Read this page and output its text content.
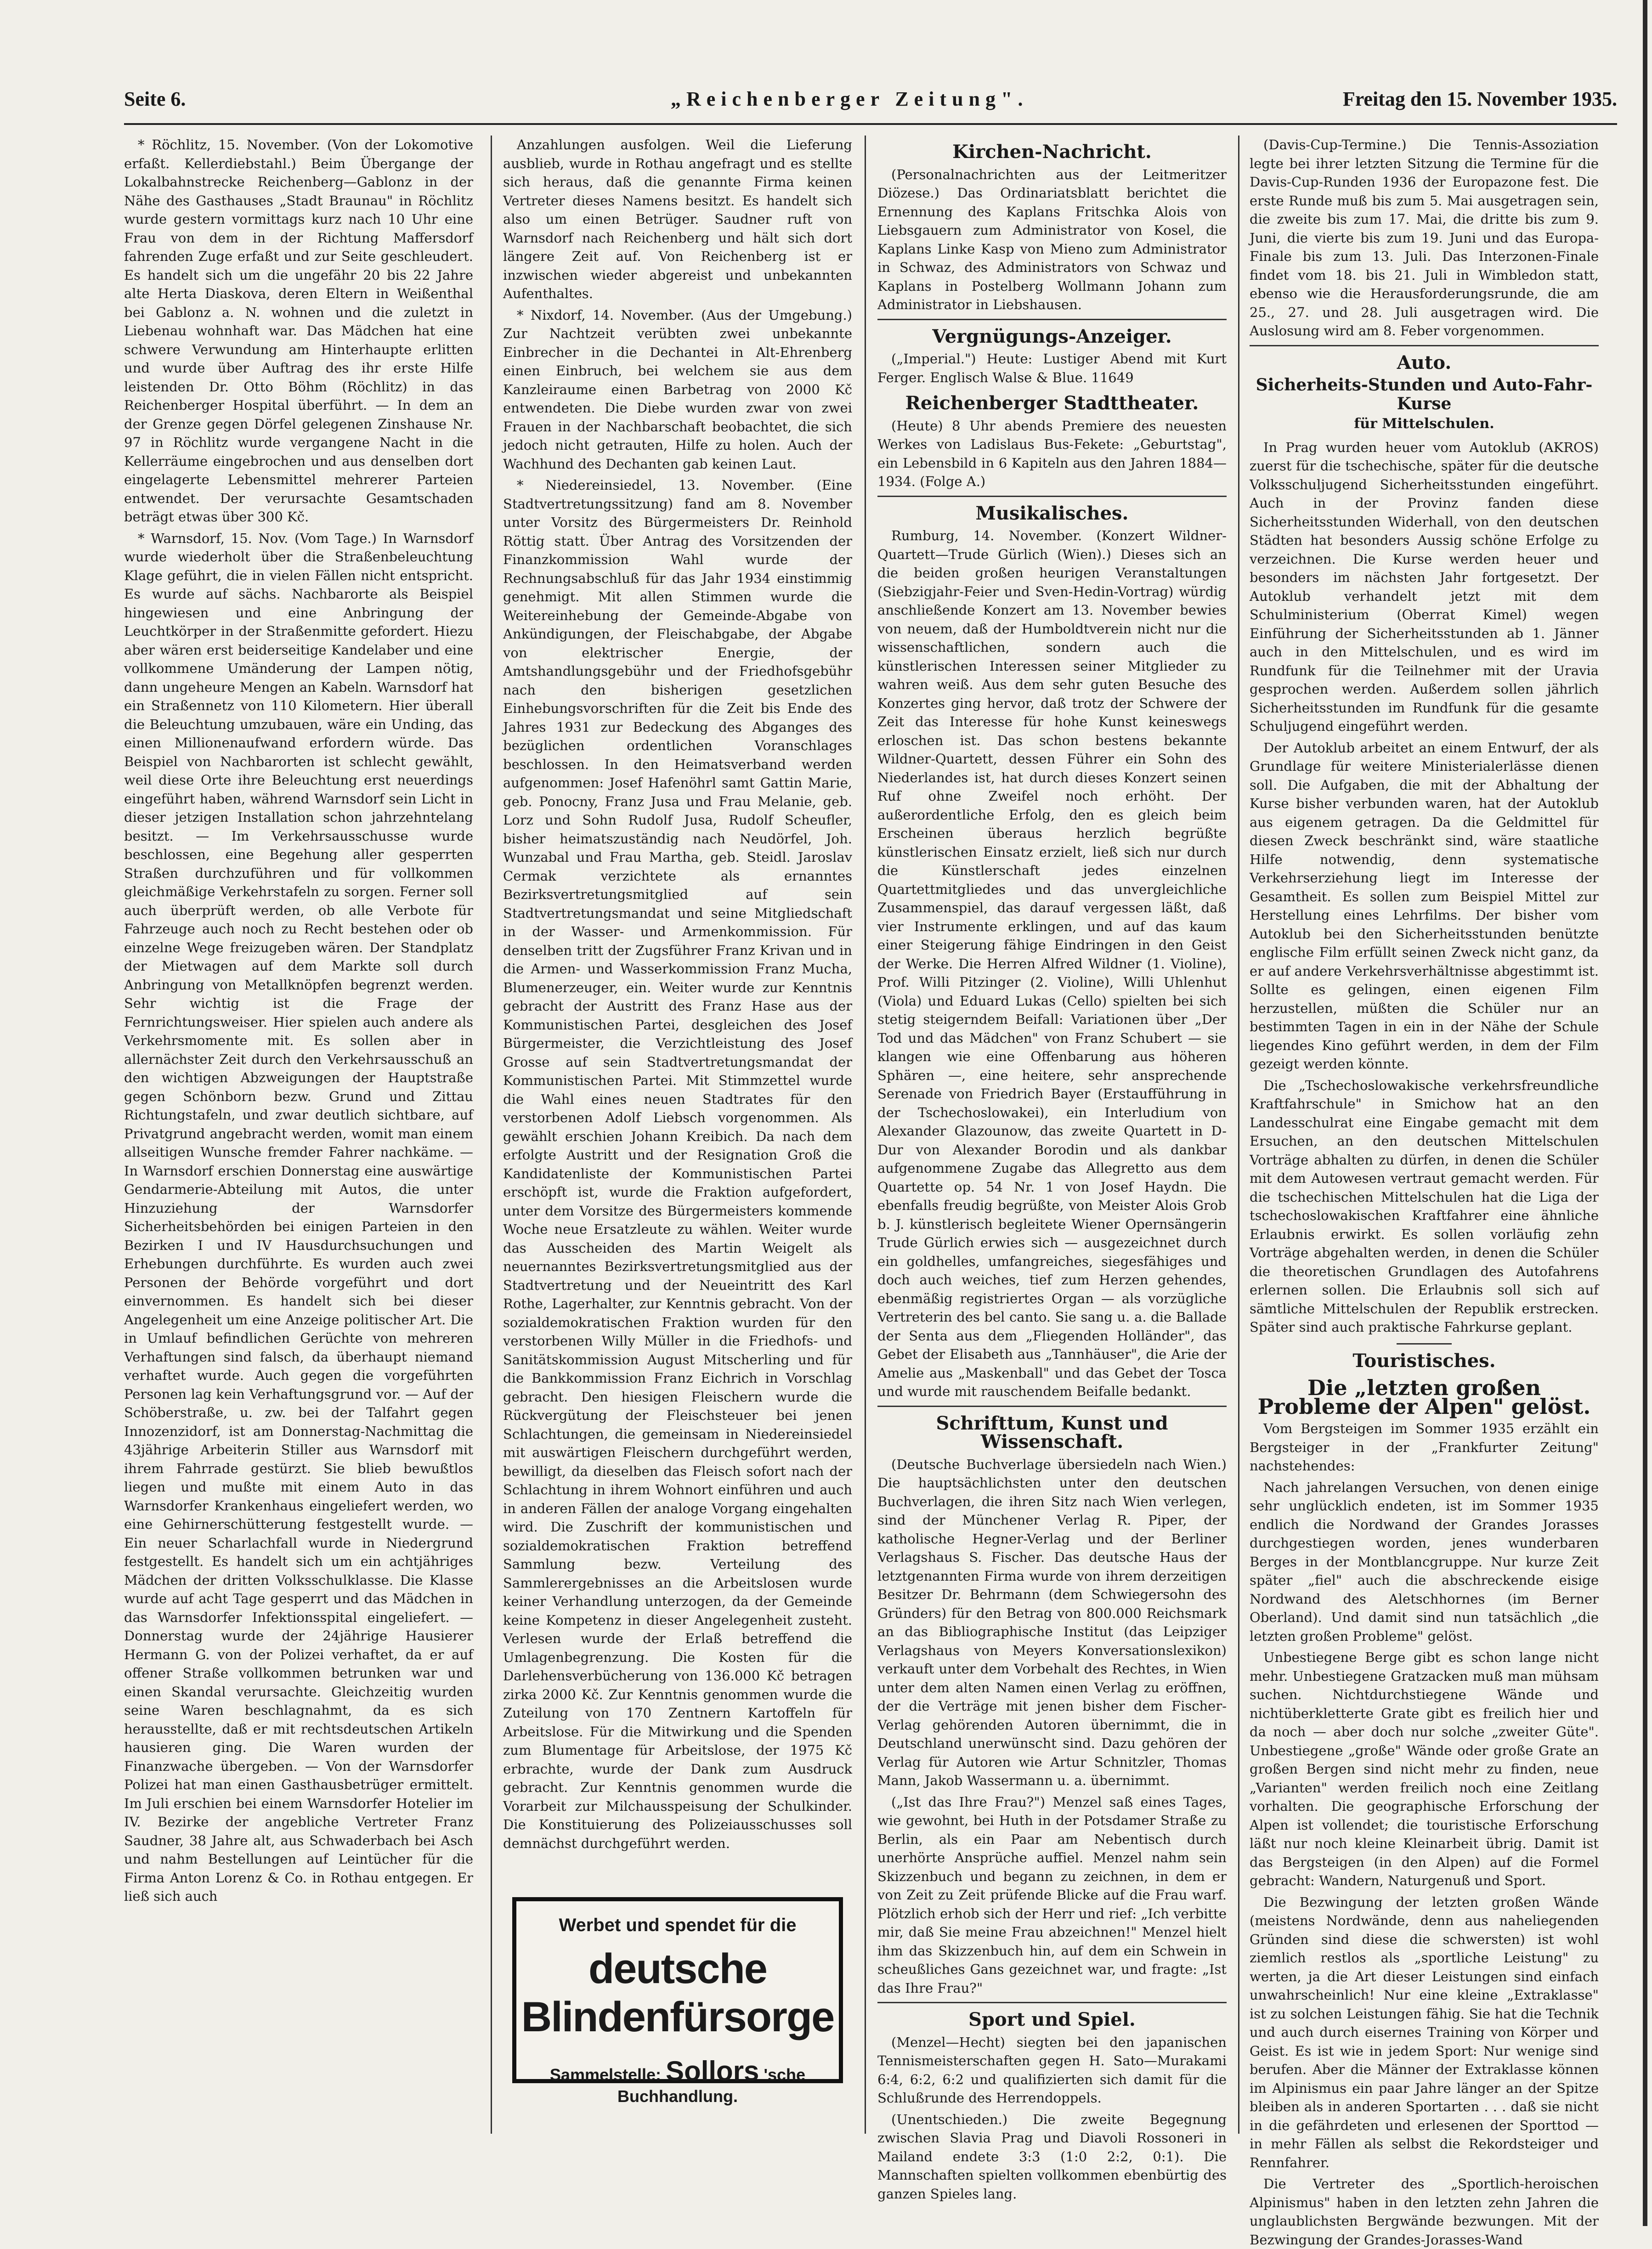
Seite 6.	„Reichenberger Zeitung".	Freitag den 15. November 1935.

* Röchlitz, 15. November. (Von der Lokomotive erfaßt. Kellerdiebstahl.) Beim Übergange der Lokalbahnstrecke Reichenberg—Gablonz in der Nähe des Gasthauses „Stadt Braunau" in Röchlitz wurde gestern vormittags kurz nach 10 Uhr eine Frau von dem in der Richtung Maffersdorf fahrenden Zuge erfaßt und zur Seite geschleudert. Es handelt sich um die ungefähr 20 bis 22 Jahre alte Herta Diaskova, deren Eltern in Weißenthal bei Gablonz a. N. wohnen und die zuletzt in Liebenau wohnhaft war. Das Mädchen hat eine schwere Verwundung am Hinterhaupte erlitten und wurde über Auftrag des ihr erste Hilfe leistenden Dr. Otto Böhm (Röchlitz) in das Reichenberger Hospital überführt. — In dem an der Grenze gegen Dörfel gelegenen Zinshause Nr. 97 in Röchlitz wurde vergangene Nacht in die Kellerräume eingebrochen und aus denselben dort eingelagerte Lebensmittel mehrerer Parteien entwendet. Der verursachte Gesamtschaden beträgt etwas über 300 Kč.

* Warnsdorf, 15. Nov. (Vom Tage.) In Warnsdorf wurde wiederholt über die Straßenbeleuchtung Klage geführt, die in vielen Fällen nicht entspricht. Es wurde auf sächs. Nachbarorte als Beispiel hingewiesen und eine Anbringung der Leuchtkörper in der Straßenmitte gefordert. Hiezu aber wären erst beiderseitige Kandelaber und eine vollkommene Umänderung der Lampen nötig, dann ungeheure Mengen an Kabeln. Warnsdorf hat ein Straßennetz von 110 Kilometern. Hier überall die Beleuchtung umzubauen, wäre ein Unding, das einen Millionenaufwand erfordern würde. Das Beispiel von Nachbarorten ist schlecht gewählt, weil diese Orte ihre Beleuchtung erst neuerdings eingeführt haben, während Warnsdorf sein Licht in dieser jetzigen Installation schon jahrzehntelang besitzt. — Im Verkehrsausschusse wurde beschlossen, eine Begehung aller gesperrten Straßen durchzuführen und für vollkommen gleichmäßige Verkehrstafeln zu sorgen. Ferner soll auch überprüft werden, ob alle Verbote für Fahrzeuge auch noch zu Recht bestehen oder ob einzelne Wege freizugeben wären. Der Standplatz der Mietwagen auf dem Markte soll durch Anbringung von Metallknöpfen begrenzt werden. Sehr wichtig ist die Frage der Fernrichtungsweiser. Hier spielen auch andere als Verkehrsmomente mit. Es sollen aber in allernächster Zeit durch den Verkehrsausschuß an den wichtigen Abzweigungen der Hauptstraße gegen Schönborn bezw. Grund und Zittau Richtungstafeln, und zwar deutlich sichtbare, auf Privatgrund angebracht werden, womit man einem allseitigen Wunsche fremder Fahrer nachkäme. — In Warnsdorf erschien Donnerstag eine auswärtige Gendarmerie-Abteilung mit Autos, die unter Hinzuziehung der Warnsdorfer Sicherheitsbehörden bei einigen Parteien in den Bezirken I und IV Hausdurchsuchungen und Erhebungen durchführte. Es wurden auch zwei Personen der Behörde vorgeführt und dort einvernommen. Es handelt sich bei dieser Angelegenheit um eine Anzeige politischer Art. Die in Umlauf befindlichen Gerüchte von mehreren Verhaftungen sind falsch, da überhaupt niemand verhaftet wurde. Auch gegen die vorgeführten Personen lag kein Verhaftungsgrund vor. — Auf der Schöberstraße, u. zw. bei der Talfahrt gegen Innozenzidorf, ist am Donnerstag-Nachmittag die 43jährige Arbeiterin Stiller aus Warnsdorf mit ihrem Fahrrade gestürzt. Sie blieb bewußtlos liegen und mußte mit einem Auto in das Warnsdorfer Krankenhaus eingeliefert werden, wo eine Gehirnerschütterung festgestellt wurde. — Ein neuer Scharlachfall wurde in Niedergrund festgestellt. Es handelt sich um ein achtjähriges Mädchen der dritten Volksschulklasse. Die Klasse wurde auf acht Tage gesperrt und das Mädchen in das Warnsdorfer Infektionsspital eingeliefert. — Donnerstag wurde der 24jährige Hausierer Hermann G. von der Polizei verhaftet, da er auf offener Straße vollkommen betrunken war und einen Skandal verursachte. Gleichzeitig wurden seine Waren beschlagnahmt, da es sich herausstellte, daß er mit rechtsdeutschen Artikeln hausieren ging. Die Waren wurden der Finanzwache übergeben. — Von der Warnsdorfer Polizei hat man einen Gasthausbetrüger ermittelt. Im Juli erschien bei einem Warnsdorfer Hotelier im IV. Bezirke der angebliche Vertreter Franz Saudner, 38 Jahre alt, aus Schwaderbach bei Asch und nahm Bestellungen auf Leintücher für die Firma Anton Lorenz & Co. in Rothau entgegen. Er ließ sich auch

Anzahlungen ausfolgen. Weil die Lieferung ausblieb, wurde in Rothau angefragt und es stellte sich heraus, daß die genannte Firma keinen Vertreter dieses Namens besitzt. Es handelt sich also um einen Betrüger. Saudner ruft von Warnsdorf nach Reichenberg und hält sich dort längere Zeit auf. Von Reichenberg ist er inzwischen wieder abgereist und unbekannten Aufenthaltes.

* Nixdorf, 14. November. (Aus der Umgebung.) Zur Nachtzeit verübten zwei unbekannte Einbrecher in die Dechantei in Alt-Ehrenberg einen Einbruch, bei welchem sie aus dem Kanzleiraume einen Barbetrag von 2000 Kč entwendeten. Die Diebe wurden zwar von zwei Frauen in der Nachbarschaft beobachtet, die sich jedoch nicht getrauten, Hilfe zu holen. Auch der Wachhund des Dechanten gab keinen Laut.

* Niedereinsiedel, 13. November. (Eine Stadtvertretungssitzung) fand am 8. November unter Vorsitz des Bürgermeisters Dr. Reinhold Röttig statt. Über Antrag des Vorsitzenden der Finanzkommission Wahl wurde der Rechnungsabschluß für das Jahr 1934 einstimmig genehmigt. Mit allen Stimmen wurde die Weitereinhebung der Gemeinde-Abgabe von Ankündigungen, der Fleischabgabe, der Abgabe von elektrischer Energie, der Amtshandlungsgebühr und der Friedhofsgebühr nach den bisherigen gesetzlichen Einhebungsvorschriften für die Zeit bis Ende des Jahres 1931 zur Bedeckung des Abganges des bezüglichen ordentlichen Voranschlages beschlossen. In den Heimatsverband werden aufgenommen: Josef Hafenöhrl samt Gattin Marie, geb. Ponocny, Franz Jusa und Frau Melanie, geb. Lorz und Sohn Rudolf Jusa, Rudolf Scheufler, bisher heimatszuständig nach Neudörfel, Joh. Wunzabal und Frau Martha, geb. Steidl. Jaroslav Cermak verzichtete als ernanntes Bezirksvertretungsmitglied auf sein Stadtvertretungsmandat und seine Mitgliedschaft in der Wasser- und Armenkommission. Für denselben tritt der Zugsführer Franz Krivan und in die Armen- und Wasserkommission Franz Mucha, Blumenerzeuger, ein. Weiter wurde zur Kenntnis gebracht der Austritt des Franz Hase aus der Kommunistischen Partei, desgleichen des Josef Bürgermeister, die Verzichtleistung des Josef Grosse auf sein Stadtvertretungsmandat der Kommunistischen Partei. Mit Stimmzettel wurde die Wahl eines neuen Stadtrates für den verstorbenen Adolf Liebsch vorgenommen. Als gewählt erschien Johann Kreibich. Da nach dem erfolgte Austritt und der Resignation Groß die Kandidatenliste der Kommunistischen Partei erschöpft ist, wurde die Fraktion aufgefordert, unter dem Vorsitze des Bürgermeisters kommende Woche neue Ersatzleute zu wählen. Weiter wurde das Ausscheiden des Martin Weigelt als neuernanntes Bezirksvertretungsmitglied aus der Stadtvertretung und der Neueintritt des Karl Rothe, Lagerhalter, zur Kenntnis gebracht. Von der sozialdemokratischen Fraktion wurden für den verstorbenen Willy Müller in die Friedhofs- und Sanitätskommission August Mitscherling und für die Bankkommission Franz Eichrich in Vorschlag gebracht. Den hiesigen Fleischern wurde die Rückvergütung der Fleischsteuer bei jenen Schlachtungen, die gemeinsam in Niedereinsiedel mit auswärtigen Fleischern durchgeführt werden, bewilligt, da dieselben das Fleisch sofort nach der Schlachtung in ihrem Wohnort einführen und auch in anderen Fällen der analoge Vorgang eingehalten wird. Die Zuschrift der kommunistischen und sozialdemokratischen Fraktion betreffend Sammlung bezw. Verteilung des Sammlerergebnisses an die Arbeitslosen wurde keiner Verhandlung unterzogen, da der Gemeinde keine Kompetenz in dieser Angelegenheit zusteht. Verlesen wurde der Erlaß betreffend die Umlagenbegrenzung. Die Kosten für die Darlehensverbücherung von 136.000 Kč betragen zirka 2000 Kč. Zur Kenntnis genommen wurde die Zuteilung von 170 Zentnern Kartoffeln für Arbeitslose. Für die Mitwirkung und die Spenden zum Blumentage für Arbeitslose, der 1975 Kč erbrachte, wurde der Dank zum Ausdruck gebracht. Zur Kenntnis genommen wurde die Vorarbeit zur Milchausspeisung der Schulkinder. Die Konstituierung des Polizeiausschusses soll demnächst durchgeführt werden.

Werbet und spendet für die
deutsche Blindenfürsorge
Sammelstelle: Sollors 'sche Buchhandlung.
Kirchen-Nachricht.

(Personalnachrichten aus der Leitmeritzer Diözese.) Das Ordinariatsblatt berichtet die Ernennung des Kaplans Fritschka Alois von Liebsgauern zum Administrator von Kosel, die Kaplans Linke Kasp von Mieno zum Administrator in Schwaz, des Administrators von Schwaz und Kaplans in Postelberg Wollmann Johann zum Administrator in Liebshausen.

Vergnügungs-Anzeiger.

(„Imperial.") Heute: Lustiger Abend mit Kurt Ferger. Englisch Walse & Blue. 11649

Reichenberger Stadttheater.

(Heute) 8 Uhr abends Premiere des neuesten Werkes von Ladislaus Bus-Fekete: „Geburtstag", ein Lebensbild in 6 Kapiteln aus den Jahren 1884—1934. (Folge A.)

Musikalisches.

Rumburg, 14. November. (Konzert Wildner-Quartett—Trude Gürlich (Wien).) Dieses sich an die beiden großen heurigen Veranstaltungen (Siebzigjahr-Feier und Sven-Hedin-Vortrag) würdig anschließende Konzert am 13. November bewies von neuem, daß der Humboldtverein nicht nur die wissenschaftlichen, sondern auch die künstlerischen Interessen seiner Mitglieder zu wahren weiß. Aus dem sehr guten Besuche des Konzertes ging hervor, daß trotz der Schwere der Zeit das Interesse für hohe Kunst keineswegs erloschen ist. Das schon bestens bekannte Wildner-Quartett, dessen Führer ein Sohn des Niederlandes ist, hat durch dieses Konzert seinen Ruf ohne Zweifel noch erhöht. Der außerordentliche Erfolg, den es gleich beim Erscheinen überaus herzlich begrüßte künstlerischen Einsatz erzielt, ließ sich nur durch die Künstlerschaft jedes einzelnen Quartettmitgliedes und das unvergleichliche Zusammenspiel, das darauf vergessen läßt, daß vier Instrumente erklingen, und auf das kaum einer Steigerung fähige Eindringen in den Geist der Werke. Die Herren Alfred Wildner (1. Violine), Prof. Willi Pitzinger (2. Violine), Willi Uhlenhut (Viola) und Eduard Lukas (Cello) spielten bei sich stetig steigerndem Beifall: Variationen über „Der Tod und das Mädchen" von Franz Schubert — sie klangen wie eine Offenbarung aus höheren Sphären —, eine heitere, sehr ansprechende Serenade von Friedrich Bayer (Erstaufführung in der Tschechoslowakei), ein Interludium von Alexander Glazounow, das zweite Quartett in D-Dur von Alexander Borodin und als dankbar aufgenommene Zugabe das Allegretto aus dem Quartette op. 54 Nr. 1 von Josef Haydn. Die ebenfalls freudig begrüßte, von Meister Alois Grob b. J. künstlerisch begleitete Wiener Opernsängerin Trude Gürlich erwies sich — ausgezeichnet durch ein goldhelles, umfangreiches, siegesfähiges und doch auch weiches, tief zum Herzen gehendes, ebenmäßig registriertes Organ — als vorzügliche Vertreterin des bel canto. Sie sang u. a. die Ballade der Senta aus dem „Fliegenden Holländer", das Gebet der Elisabeth aus „Tannhäuser", die Arie der Amelie aus „Maskenball" und das Gebet der Tosca und wurde mit rauschendem Beifalle bedankt.

Schrifttum, Kunst und Wissenschaft.

(Deutsche Buchverlage übersiedeln nach Wien.) Die hauptsächlichsten unter den deutschen Buchverlagen, die ihren Sitz nach Wien verlegen, sind der Münchener Verlag R. Piper, der katholische Hegner-Verlag und der Berliner Verlagshaus S. Fischer. Das deutsche Haus der letztgenannten Firma wurde von ihrem derzeitigen Besitzer Dr. Behrmann (dem Schwiegersohn des Gründers) für den Betrag von 800.000 Reichsmark an das Bibliographische Institut (das Leipziger Verlagshaus von Meyers Konversationslexikon) verkauft unter dem Vorbehalt des Rechtes, in Wien unter dem alten Namen einen Verlag zu eröffnen, der die Verträge mit jenen bisher dem Fischer-Verlag gehörenden Autoren übernimmt, die in Deutschland unerwünscht sind. Dazu gehören der Verlag für Autoren wie Artur Schnitzler, Thomas Mann, Jakob Wassermann u. a. übernimmt.

(„Ist das Ihre Frau?") Menzel saß eines Tages, wie gewohnt, bei Huth in der Potsdamer Straße zu Berlin, als ein Paar am Nebentisch durch unerhörte Ansprüche auffiel. Menzel nahm sein Skizzenbuch und begann zu zeichnen, in dem er von Zeit zu Zeit prüfende Blicke auf die Frau warf. Plötzlich erhob sich der Herr und rief: „Ich verbitte mir, daß Sie meine Frau abzeichnen!" Menzel hielt ihm das Skizzenbuch hin, auf dem ein Schwein in scheußliches Gans gezeichnet war, und fragte: „Ist das Ihre Frau?"

Sport und Spiel.

(Menzel—Hecht) siegten bei den japanischen Tennismeisterschaften gegen H. Sato—Murakami 6:4, 6:2, 6:2 und qualifizierten sich damit für die Schlußrunde des Herrendoppels.

(Unentschieden.) Die zweite Begegnung zwischen Slavia Prag und Diavoli Rossoneri in Mailand endete 3:3 (1:0 2:2, 0:1). Die Mannschaften spielten vollkommen ebenbürtig des ganzen Spieles lang.

(Davis-Cup-Termine.) Die Tennis-Assoziation legte bei ihrer letzten Sitzung die Termine für die Davis-Cup-Runden 1936 der Europazone fest. Die erste Runde muß bis zum 5. Mai ausgetragen sein, die zweite bis zum 17. Mai, die dritte bis zum 9. Juni, die vierte bis zum 19. Juni und das Europa-Finale bis zum 13. Juli. Das Interzonen-Finale findet vom 18. bis 21. Juli in Wimbledon statt, ebenso wie die Herausforderungsrunde, die am 25., 27. und 28. Juli ausgetragen wird. Die Auslosung wird am 8. Feber vorgenommen.

Auto.
Sicherheits-Stunden und Auto-Fahr-Kurse
für Mittelschulen.

In Prag wurden heuer vom Autoklub (AKROS) zuerst für die tschechische, später für die deutsche Volksschuljugend Sicherheitsstunden eingeführt. Auch in der Provinz fanden diese Sicherheitsstunden Widerhall, von den deutschen Städten hat besonders Aussig schöne Erfolge zu verzeichnen. Die Kurse werden heuer und besonders im nächsten Jahr fortgesetzt. Der Autoklub verhandelt jetzt mit dem Schulministerium (Oberrat Kimel) wegen Einführung der Sicherheitsstunden ab 1. Jänner auch in den Mittelschulen, und es wird im Rundfunk für die Teilnehmer mit der Uravia gesprochen werden. Außerdem sollen jährlich Sicherheitsstunden im Rundfunk für die gesamte Schuljugend eingeführt werden.

Der Autoklub arbeitet an einem Entwurf, der als Grundlage für weitere Ministerialerlässe dienen soll. Die Aufgaben, die mit der Abhaltung der Kurse bisher verbunden waren, hat der Autoklub aus eigenem getragen. Da die Geldmittel für diesen Zweck beschränkt sind, wäre staatliche Hilfe notwendig, denn systematische Verkehrserziehung liegt im Interesse der Gesamtheit. Es sollen zum Beispiel Mittel zur Herstellung eines Lehrfilms. Der bisher vom Autoklub bei den Sicherheitsstunden benützte englische Film erfüllt seinen Zweck nicht ganz, da er auf andere Verkehrsverhältnisse abgestimmt ist. Sollte es gelingen, einen eigenen Film herzustellen, müßten die Schüler nur an bestimmten Tagen in ein in der Nähe der Schule liegendes Kino geführt werden, in dem der Film gezeigt werden könnte.

Die „Tschechoslowakische verkehrsfreundliche Kraftfahrschule" in Smichow hat an den Landesschulrat eine Eingabe gemacht mit dem Ersuchen, an den deutschen Mittelschulen Vorträge abhalten zu dürfen, in denen die Schüler mit dem Autowesen vertraut gemacht werden. Für die tschechischen Mittelschulen hat die Liga der tschechoslowakischen Kraftfahrer eine ähnliche Erlaubnis erwirkt. Es sollen vorläufig zehn Vorträge abgehalten werden, in denen die Schüler die theoretischen Grundlagen des Autofahrens erlernen sollen. Die Erlaubnis soll sich auf sämtliche Mittelschulen der Republik erstrecken. Später sind auch praktische Fahrkurse geplant.

Touristisches.
Die „letzten großen Probleme der Alpen" gelöst.

Vom Bergsteigen im Sommer 1935 erzählt ein Bergsteiger in der „Frankfurter Zeitung" nachstehendes:

Nach jahrelangen Versuchen, von denen einige sehr unglücklich endeten, ist im Sommer 1935 endlich die Nordwand der Grandes Jorasses durchgestiegen worden, jenes wunderbaren Berges in der Montblancgruppe. Nur kurze Zeit später „fiel" auch die abschreckende eisige Nordwand des Aletschhornes (im Berner Oberland). Und damit sind nun tatsächlich „die letzten großen Probleme" gelöst.

Unbestiegene Berge gibt es schon lange nicht mehr. Unbestiegene Gratzacken muß man mühsam suchen. Nichtdurchstiegene Wände und nichtüberkletterte Grate gibt es freilich hier und da noch — aber doch nur solche „zweiter Güte". Unbestiegene „große" Wände oder große Grate an großen Bergen sind nicht mehr zu finden, neue „Varianten" werden freilich noch eine Zeitlang vorhalten. Die geographische Erforschung der Alpen ist vollendet; die touristische Erforschung läßt nur noch kleine Kleinarbeit übrig. Damit ist das Bergsteigen (in den Alpen) auf die Formel gebracht: Wandern, Naturgenuß und Sport.

Die Bezwingung der letzten großen Wände (meistens Nordwände, denn aus naheliegenden Gründen sind diese die schwersten) ist wohl ziemlich restlos als „sportliche Leistung" zu werten, ja die Art dieser Leistungen sind einfach unwahrscheinlich! Nur eine kleine „Extraklasse" ist zu solchen Leistungen fähig. Sie hat die Technik und auch durch eisernes Training von Körper und Geist. Es ist wie in jedem Sport: Nur wenige sind berufen. Aber die Männer der Extraklasse können im Alpinismus ein paar Jahre länger an der Spitze bleiben als in anderen Sportarten . . . daß sie nicht in die gefährdeten und erlesenen der Sporttod — in mehr Fällen als selbst die Rekordsteiger und Rennfahrer.

Die Vertreter des „Sportlich-heroischen Alpinismus" haben in den letzten zehn Jahren die unglaublichsten Bergwände bezwungen. Mit der Bezwingung der Grandes-Jorasses-Wand
